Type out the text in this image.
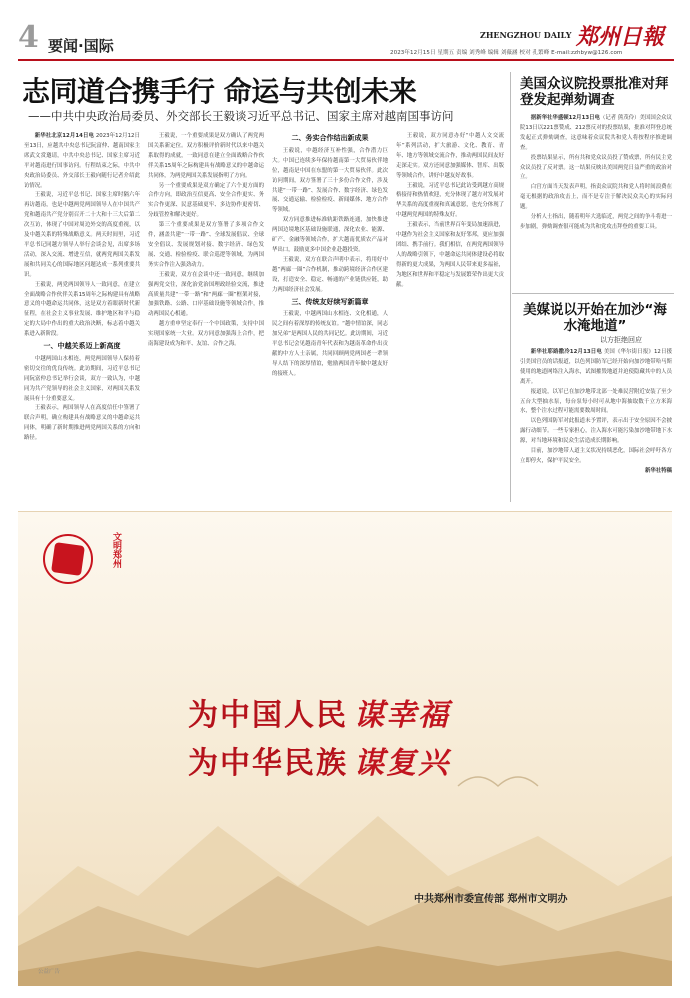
4 要闻·国际
ZHENGZHOU DAILY 郑州日報
2023年12月15日 星期五 责编 刘秀峰 编辑 刘薇涵 校对 孔繁峰 E-mail:zzhbyw@126.com
志同道合携手行 命运与共创未来
——中共中央政治局委员、外交部长王毅谈习近平总书记、国家主席对越南国事访问

新华社北京12月14日电 2023年12月12日至13日，应越共中央总书记阮富仲、越南国家主席武文赏邀请，中共中央总书记、国家主席习近平对越南进行国事访问。行程结束之际，中共中央政治局委员、外交部长王毅向随行记者介绍此访情况。

王毅说，习近平总书记、国家主席时隔六年再访越南，也是中越两党两国领导人在中国共产党和越南共产党分别召开二十大和十三大后第二次互访，体现了中国对周边外交的高度重视，以及中越关系的特殊战略意义。两天时间里，习近平总书记同越方领导人举行会谈会见，出席多场活动，深入交流、增进互信，就两党两国关系发展和共同关心的国际地区问题达成一系列重要共识。

王毅说，两党两国领导人一致同意，在建立全面战略合作伙伴关系15周年之际构建具有战略意义的中越命运共同体，这是双方着眼新时代新征程，在社会主义事业发展、维护地区和平与稳定的大局中作出的重大政治决断，标志着中越关系进入新阶段。

一、中越关系迈上新高度

中越两国山水相连，两党两国领导人保持着密切交往的优良传统。此访期间，习近平总书记同阮富仲总书记举行会谈，双方一致认为，中越同为共产党领导的社会主义国家，对两国关系发展具有十分重要意义。

王毅表示，两国领导人在高度信任中签署了联合声明，确立构建具有战略意义的中越命运共同体，明确了新时期推进两党两国关系的方向和路径。

王毅说，一个重要成果是双方确认了两党两国关系新定位。双方积极评价新时代以来中越关系取得的成就，一致同意在建立全面战略合作伙伴关系15周年之际构建具有战略意义的中越命运共同体，为两党两国关系发展指明了方向。

另一个重要成果是双方确定了六个更方面的合作方向，即政治互信更高、安全合作更实、务实合作更深、民意基础更牢、多边协作更密切、分歧管控和解决更好。

第三个重要成果是双方签署了多项合作文件，涵盖共建“一带一路”、全球发展倡议、全球安全倡议、发展规划对接、数字经济、绿色发展、交通、检验检疫、联合巡逻等领域，为两国务实合作注入强劲动力。

王毅说，双方在会谈中还一致同意，继续加强两党交往，深化治党治国理政经验交流，推进高质量共建“一带一路”和“两廊一圈”框架对接，加强铁路、公路、口岸基础设施等领域合作，推动两国民心相通。

越方重申坚定奉行一个中国政策，支持中国实现国家统一大业。双方同意加强海上合作，把南海建设成为和平、友谊、合作之海。

二、务实合作结出新成果

王毅说，中越经济互补性强，合作潜力巨大。中国已连续多年保持越南第一大贸易伙伴地位，越南是中国在东盟的第一大贸易伙伴。此次访问期间，双方签署了三十多份合作文件，涉及共建“一带一路”、发展合作、数字经济、绿色发展、交通运输、检验检疫、新闻媒体、地方合作等领域。

双方同意推进标准轨距铁路连通，加快推进两国边境地区基础设施联通，深化农业、能源、矿产、金融等领域合作，扩大越南优质农产品对华出口，鼓励更多中国企业赴越投资。

王毅说，双方在联合声明中表示，将用好中越“两廊一圈”合作机制，推动跨境经济合作区建设，打造安全、稳定、畅通的产业链供应链，助力两国经济社会发展。

三、传统友好续写新篇章

王毅说，中越两国山水相连、文化相通，人民之间有着深厚的传统友谊。“越中情谊深，同志加兄弟”是两国人民的共同记忆。此访期间，习近平总书记会见越南青年代表和为越南革命作出贡献的中方人士亲属，共同回顾两党两国老一辈领导人结下的深厚情谊，勉励两国青年做中越友好的接班人。

王毅说，双方同意办好“中越人文交流年”系列活动，扩大旅游、文化、教育、青年、地方等领域交流合作，推动两国民间友好走深走实。双方还同意加强媒体、智库、出版等领域合作，讲好中越友好故事。

王毅说，习近平总书记此访受到越方高规格接待和热情欢迎，充分体现了越方对发展对华关系的高度重视和真诚意愿，也充分体现了中越两党两国的特殊友好。

王毅表示，当前世界百年变局加速演进，中越作为社会主义国家和友好邻邦，更应加强团结、携手前行。我们相信，在两党两国领导人的战略引领下，中越命运共同体建设必将取得新的更大成果，为两国人民带来更多福祉，为地区和世界和平稳定与发展繁荣作出更大贡献。

美国众议院投票批准对拜登发起弹劾调查

据新华社华盛顿12月13日电（记者 熊茂伶）美国国会众议院13日以221票赞成、212票反对的投票结果，批准对拜登总统发起正式弹劾调查，这意味着众议院共和党人将按程序推进调查。

投票结果显示，所有共和党众议员投了赞成票，所有民主党众议员投了反对票。这一结果反映出美国两党日益严重的政治对立。

白宫方面当天发表声明，指责众议院共和党人将时间浪费在毫无根据的政治攻击上，而不是专注于解决民众关心的实际问题。

分析人士指出，随着明年大选临近，两党之间的争斗将进一步加剧，弹劾调查很可能成为共和党攻击拜登的重要工具。

美媒说以开始在加沙“海水淹地道”
以方拒绝回应

新华社耶路撒冷12月13日电 美国《华尔街日报》12日援引美国官员的话报道，以色列国防军已经开始向加沙地带哈马斯使用的地道网络注入海水，试图摧毁地道并迫使隐藏其中的人员离开。

报道说，以军已在加沙地带北部一处难民营附近安装了至少五台大型抽水泵，每台泵每小时可从地中海抽取数千立方米海水，整个注水过程可能需要数周时间。

以色列国防军对此报道未予置评，表示出于安全原因不会披露行动细节。一些专家担心，注入海水可能污染加沙地带地下水源，对当地环境和民众生活造成长期影响。

目前，加沙地带人道主义状况持续恶化，国际社会呼吁各方立即停火，保护平民安全。

新华社特稿

文明郑州
为中国人民 谋幸福
为中华民族 谋复兴
中共郑州市委宣传部 郑州市文明办
公益广告
